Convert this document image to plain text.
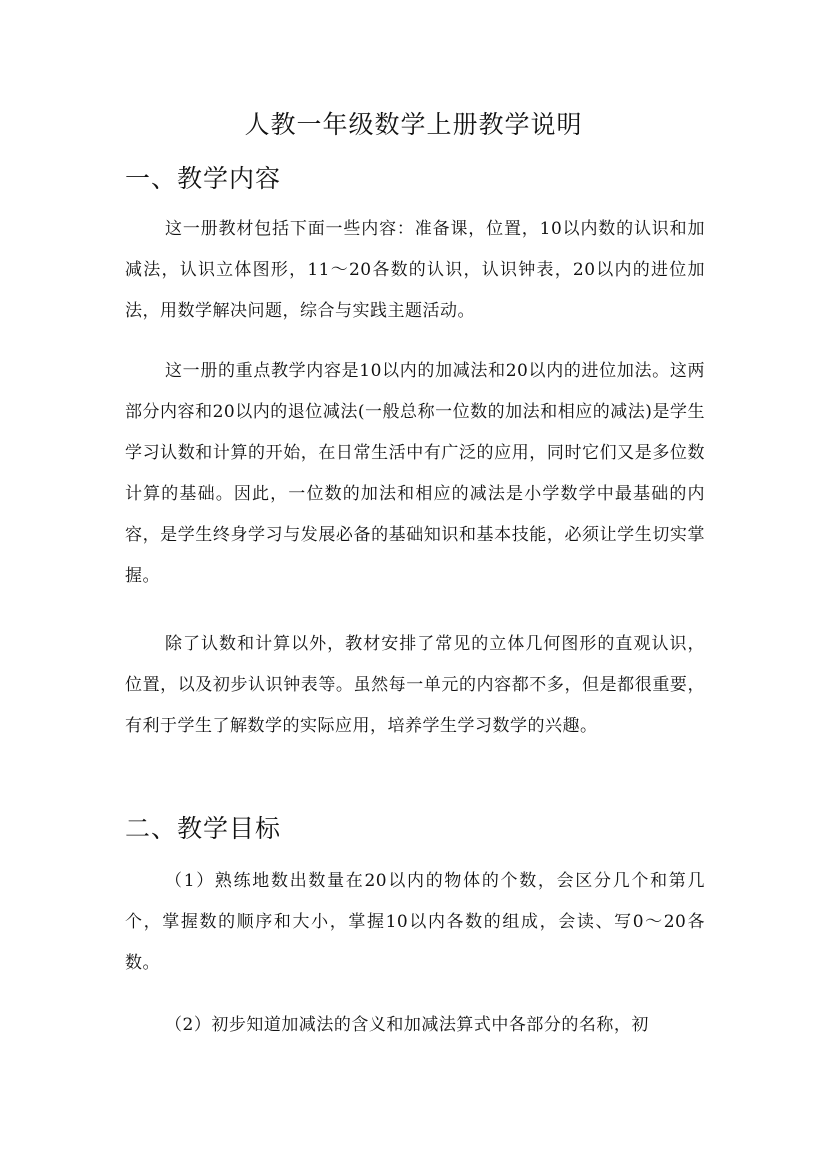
人教一年级数学上册教学说明
一、教学内容
这一册教材包括下面一些内容：准备课，位置，10以内数的认识和加减法，认识立体图形，11～20各数的认识，认识钟表，20以内的进位加法，用数学解决问题，综合与实践主题活动。
这一册的重点教学内容是10以内的加减法和20以内的进位加法。这两部分内容和20以内的退位减法(一般总称一位数的加法和相应的减法)是学生学习认数和计算的开始，在日常生活中有广泛的应用，同时它们又是多位数计算的基础。因此，一位数的加法和相应的减法是小学数学中最基础的内容，是学生终身学习与发展必备的基础知识和基本技能，必须让学生切实掌握。
除了认数和计算以外，教材安排了常见的立体几何图形的直观认识，位置，以及初步认识钟表等。虽然每一单元的内容都不多，但是都很重要，有利于学生了解数学的实际应用，培养学生学习数学的兴趣。
二、教学目标
（1）熟练地数出数量在20以内的物体的个数，会区分几个和第几个，掌握数的顺序和大小，掌握10以内各数的组成，会读、写0～20各数。
（2）初步知道加减法的含义和加减法算式中各部分的名称，初
